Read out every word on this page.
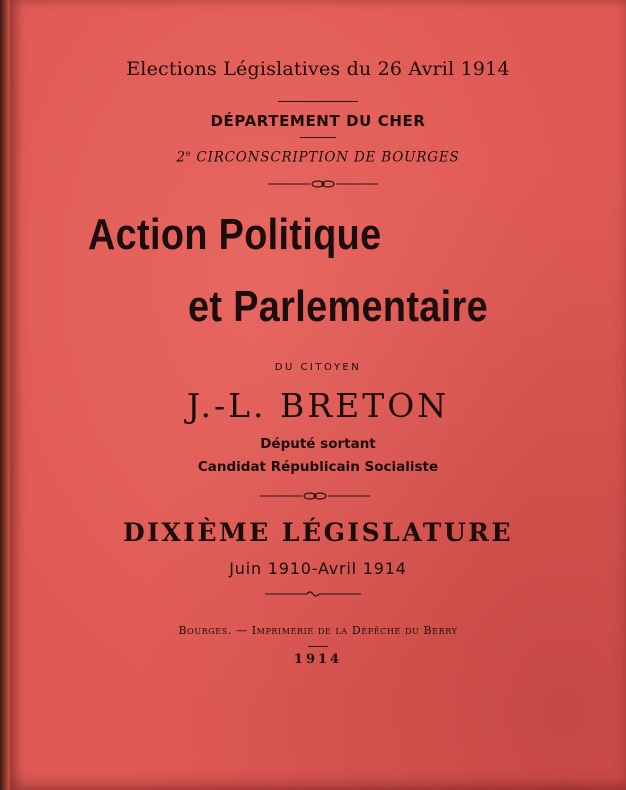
Elections Législatives du 26 Avril 1914
DÉPARTEMENT DU CHER
2e CIRCONSCRIPTION DE BOURGES
Action Politique
et Parlementaire
DU CITOYEN
J.-L. BRETON
Député sortant
Candidat Républicain Socialiste
DIXIÈME LÉGISLATURE
Juin 1910-Avril 1914
Bourges. — Imprimerie de la Dépêche du Berry
1914
